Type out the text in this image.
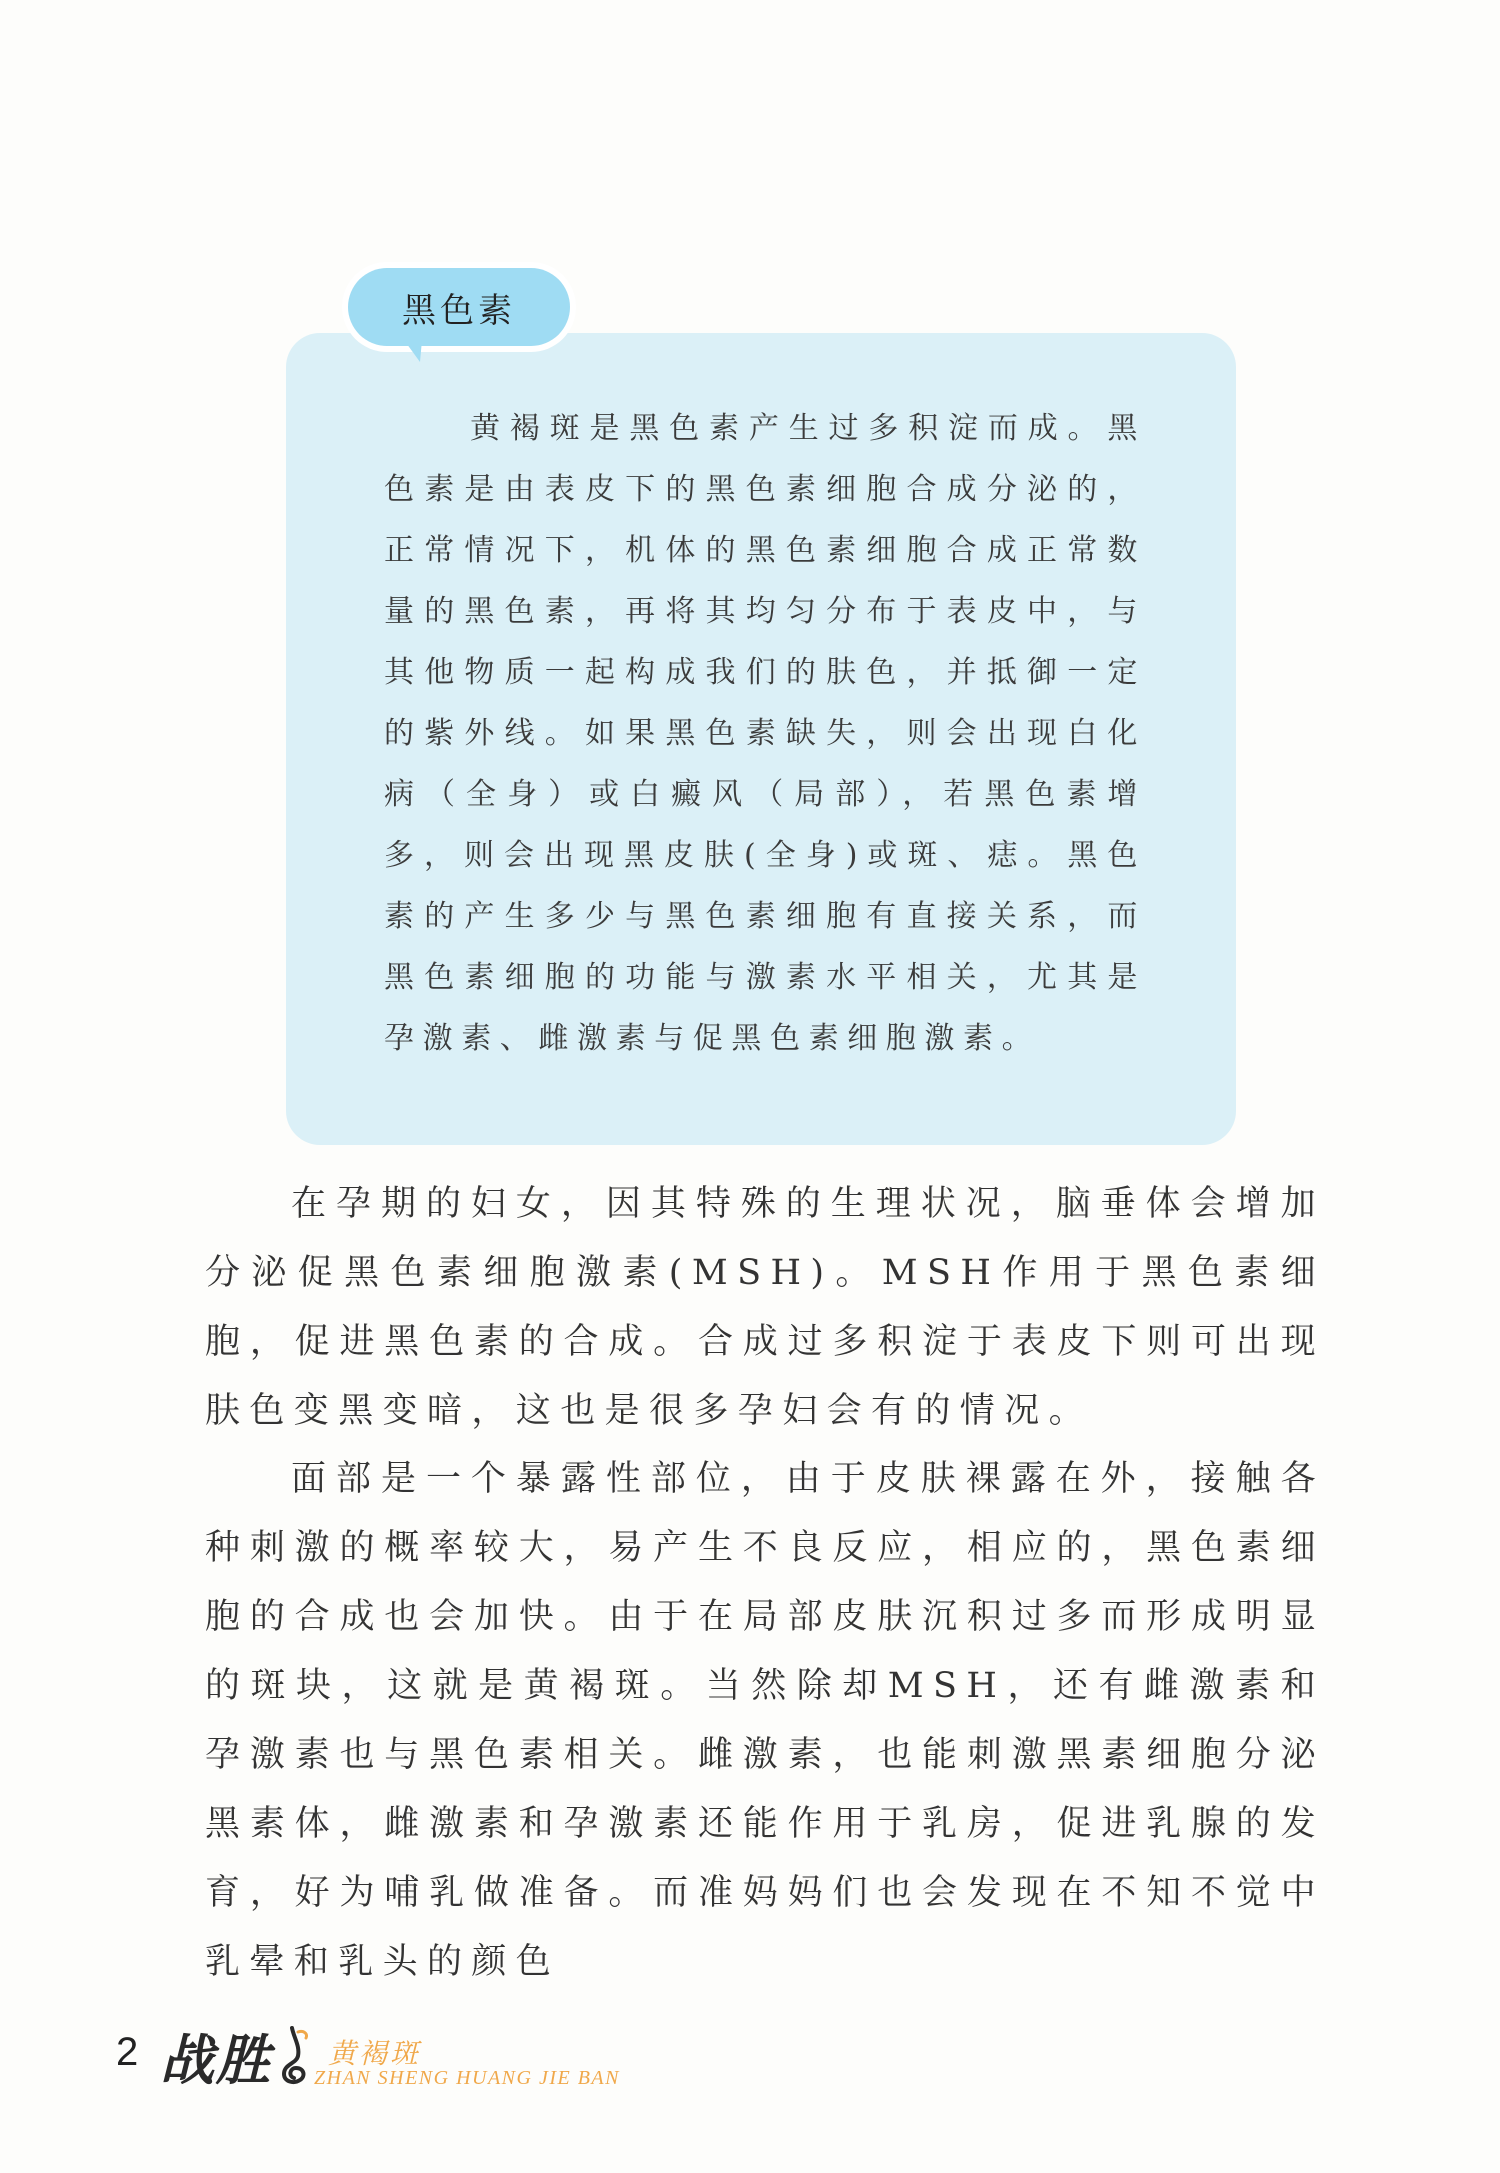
黑色素

黄褐斑是黑色素产生过多积淀而成。黑色素是由表皮下的黑色素细胞合成分泌的，正常情况下，机体的黑色素细胞合成正常数量的黑色素，再将其均匀分布于表皮中，与其他物质一起构成我们的肤色，并抵御一定的紫外线。如果黑色素缺失，则会出现白化病（全身）或白癜风（局部），若黑色素增多，则会出现黑皮肤(全身)或斑、痣。黑色素的产生多少与黑色素细胞有直接关系，而黑色素细胞的功能与激素水平相关，尤其是孕激素、雌激素与促黑色素细胞激素。

在孕期的妇女，因其特殊的生理状况，脑垂体会增加分泌促黑色素细胞激素(MSH)。MSH作用于黑色素细胞，促进黑色素的合成。合成过多积淀于表皮下则可出现肤色变黑变暗，这也是很多孕妇会有的情况。

面部是一个暴露性部位，由于皮肤裸露在外，接触各种刺激的概率较大，易产生不良反应，相应的，黑色素细胞的合成也会加快。由于在局部皮肤沉积过多而形成明显的斑块，这就是黄褐斑。当然除却MSH，还有雌激素和孕激素也与黑色素相关。雌激素，也能刺激黑素细胞分泌黑素体，雌激素和孕激素还能作用于乳房，促进乳腺的发育，好为哺乳做准备。而准妈妈们也会发现在不知不觉中乳晕和乳头的颜色

2 战胜 黄褐斑
ZHAN SHENG HUANG JIE BAN
